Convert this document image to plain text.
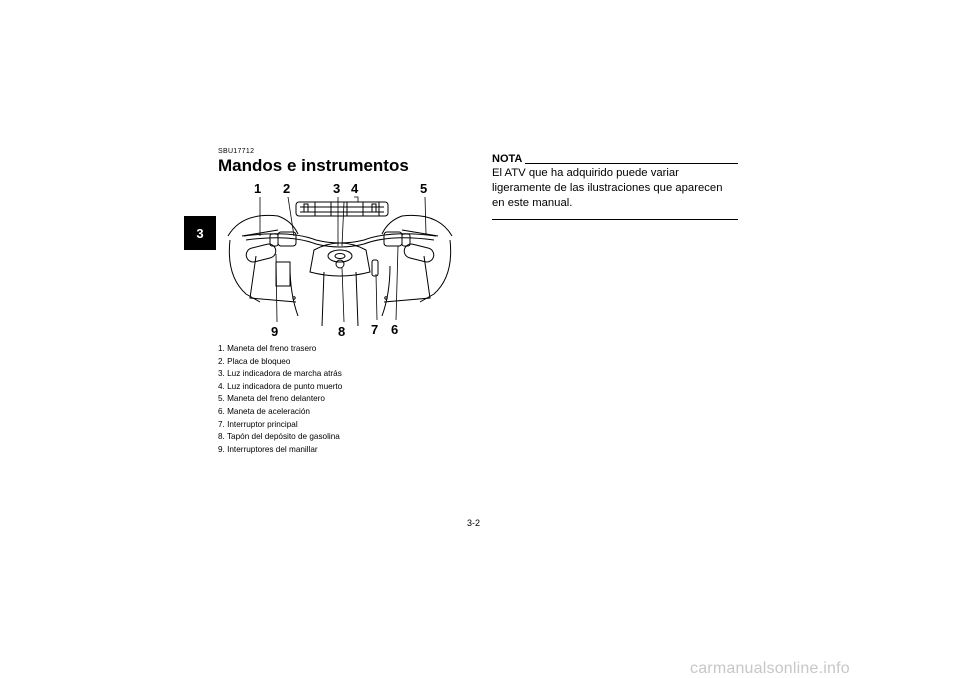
3
SBU17712
Mandos e instrumentos
1 2	3 4	5
9	8 7 6
1. Maneta del freno trasero
2. Placa de bloqueo
3. Luz indicadora de marcha atrás
4. Luz indicadora de punto muerto
5. Maneta del freno delantero
6. Maneta de aceleración
7. Interruptor principal
8. Tapón del depósito de gasolina
9. Interruptores del manillar
NOTA

El ATV que ha adquirido puede variar ligeramente de las ilustraciones que aparecen en este manual.

3-2
carmanualsonline.info
